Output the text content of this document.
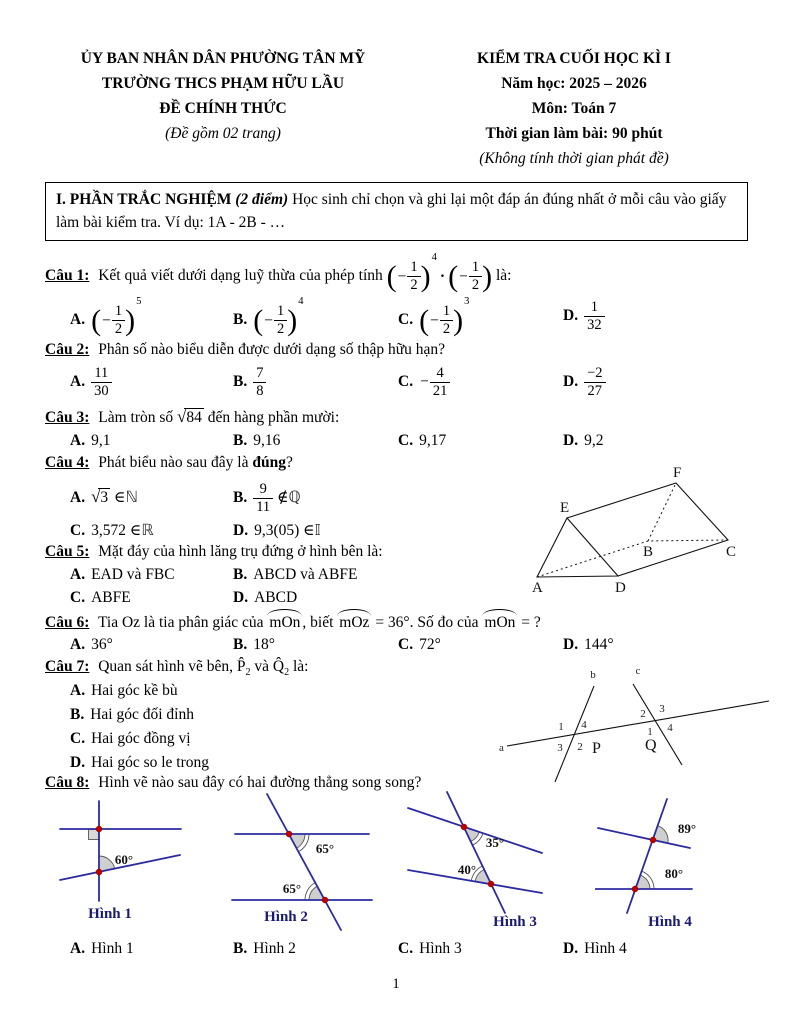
ỦY BAN NHÂN DÂN PHƯỜNG TÂN MỸ
TRƯỜNG THCS PHẠM HỮU LẦU
ĐỀ CHÍNH THỨC
(Đề gồm 02 trang)
KIỂM TRA CUỐI HỌC KÌ I
Năm học: 2025 – 2026
Môn: Toán 7
Thời gian làm bài: 90 phút
(Không tính thời gian phát đề)
I. PHẦN TRẮC NGHIỆM (2 điểm) Học sinh chỉ chọn và ghi lại một đáp án đúng nhất ở mỗi câu vào giấy làm bài kiểm tra. Ví dụ: 1A - 2B - …
Câu 1: Kết quả viết dưới dạng luỹ thừa của phép tính (− $\frac{1}{2} )^4\cdot$ (− $\frac{1}{2}$ ) là:
A. (− $\frac{1}{2} )^5$
B. (− $\frac{1}{2} )^4$
C. (− $\frac{1}{2} )^3$
D. $\frac{1}{32}$
Câu 2: Phân số nào biểu diễn được dưới dạng số thập hữu hạn?
A. $\frac{11}{30}$	B. $\frac{7}{8}$	C. − $\frac{4}{21}$	D. $\frac{-2}{27}$
Câu 3: Làm tròn số √84 đến hàng phần mười:
A. 9,1	B. 9,16	C. 9,17	D. 9,2
Câu 4: Phát biểu nào sau đây là đúng?
A. √3 ∈ℕ	B. $\frac{9}{11}$ ∉ℚ
C. 3,572 ∈ℝ	D. 9,3(05) ∈𝕀
E
F
A	D
B	C
Câu 5: Mặt đáy của hình lăng trụ đứng ở hình bên là:
A. EAD và FBC	B. ABCD và ABFE
C. ABFE	D. ABCD
Câu 6: Tia Oz là tia phân giác của mOn , biết mOz = 36°. Số đo của mOn = ?
A. 36°	B. 18°	C. 72°	D. 144°
Câu 7: Quan sát hình vẽ bên, $P̂_2$ và $Q̂_2$ là:
A. Hai góc kề bù
B. Hai góc đối đỉnh
C. Hai góc đồng vị
D. Hai góc so le trong
a
b	c
1 4
3 2 P
2 3
1 4
Q
Câu 8: Hình vẽ nào sau đây có hai đường thẳng song song?
60°
Hình 1
65°
65°
Hình 2
35°
40°
Hình 3
89°
80°
Hình 4
A. Hình 1	B. Hình 2	C. Hình 3	D. Hình 4
1
